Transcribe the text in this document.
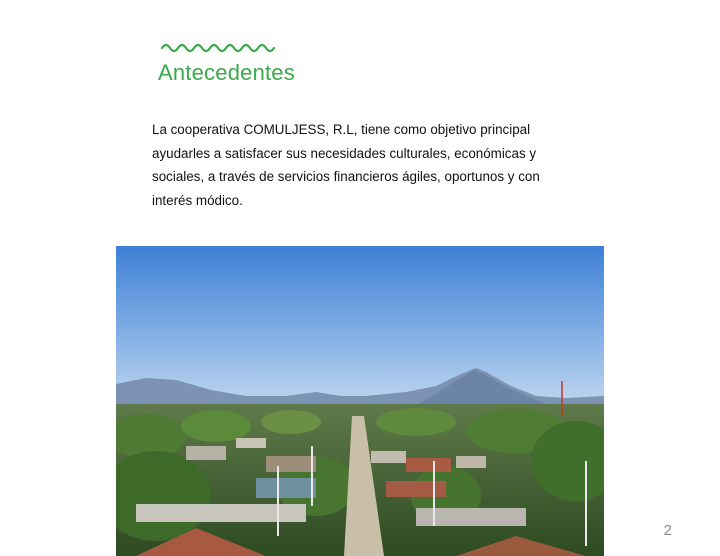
Antecedentes

La cooperativa COMULJESS, R.L, tiene como objetivo principal
ayudarles a satisfacer sus necesidades culturales, económicas y
sociales, a través de servicios financieros ágiles, oportunos y con
interés módico.

2
